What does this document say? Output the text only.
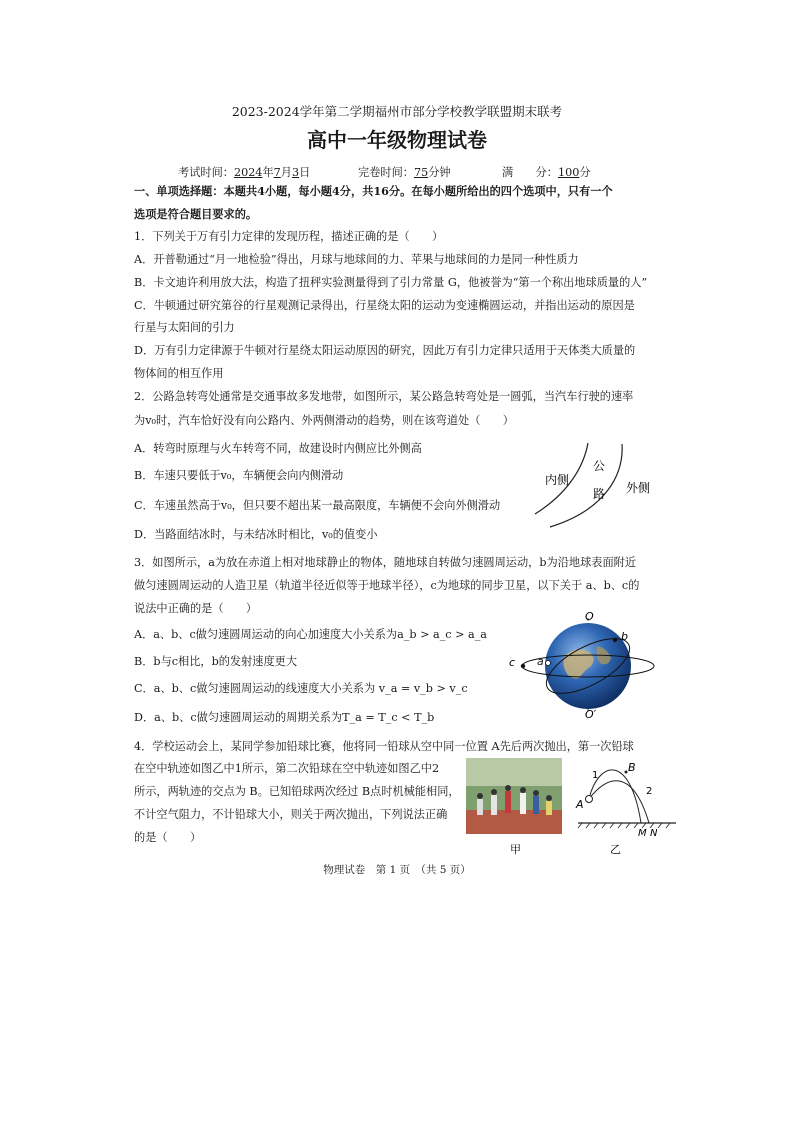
2023-2024学年第二学期福州市部分学校教学联盟期末联考
高中一年级物理试卷
考试时间：2024年7月3日	完卷时间：75分钟	满　　分：100分
一、单项选择题：本题共4小题，每小题4分，共16分。在每小题所给出的四个选项中，只有一个
选项是符合题目要求的。
1．下列关于万有引力定律的发现历程，描述正确的是（　　）
A．开普勒通过“月一地检验”得出，月球与地球间的力、苹果与地球间的力是同一种性质力
B．卡文迪许利用放大法，构造了扭秤实验测量得到了引力常量 G，他被誉为“第一个称出地球质量的人”
C．牛顿通过研究第谷的行星观测记录得出，行星绕太阳的运动为变速椭圆运动，并指出运动的原因是
行星与太阳间的引力
D．万有引力定律源于牛顿对行星绕太阳运动原因的研究，因此万有引力定律只适用于天体类大质量的
物体间的相互作用
2．公路急转弯处通常是交通事故多发地带，如图所示，某公路急转弯处是一圆弧，当汽车行驶的速率
为v₀时，汽车恰好没有向公路内、外两侧滑动的趋势，则在该弯道处（　　）
A．转弯时原理与火车转弯不同，故建设时内侧应比外侧高
B．车速只要低于v₀，车辆便会向内侧滑动
C．车速虽然高于v₀，但只要不超出某一最高限度，车辆便不会向外侧滑动
D．当路面结冰时，与未结冰时相比，v₀的值变小
内侧
公
路 外侧
3．如图所示，a为放在赤道上相对地球静止的物体，随地球自转做匀速圆周运动，b为沿地球表面附近
做匀速圆周运动的人造卫星（轨道半径近似等于地球半径），c为地球的同步卫星，以下关于 a、b、c的
说法中正确的是（　　）
A．a、b、c做匀速圆周运动的向心加速度大小关系为a_b > a_c > a_a
B．b与c相比，b的发射速度更大
C．a、b、c做匀速圆周运动的线速度大小关系为 v_a = v_b > v_c
D．a、b、c做匀速圆周运动的周期关系为T_a = T_c < T_b
O
O′
a
b
c
4．学校运动会上，某同学参加铅球比赛，他将同一铅球从空中同一位置 A先后两次抛出，第一次铅球
在空中轨迹如图乙中1所示，第二次铅球在空中轨迹如图乙中2
所示，两轨迹的交点为 B。已知铅球两次经过 B点时机械能相同，
不计空气阻力，不计铅球大小，则关于两次抛出，下列说法正确
的是（　　）
甲
A
B
1
2
M N
乙
物理试卷　第 1 页　（共 5 页）
